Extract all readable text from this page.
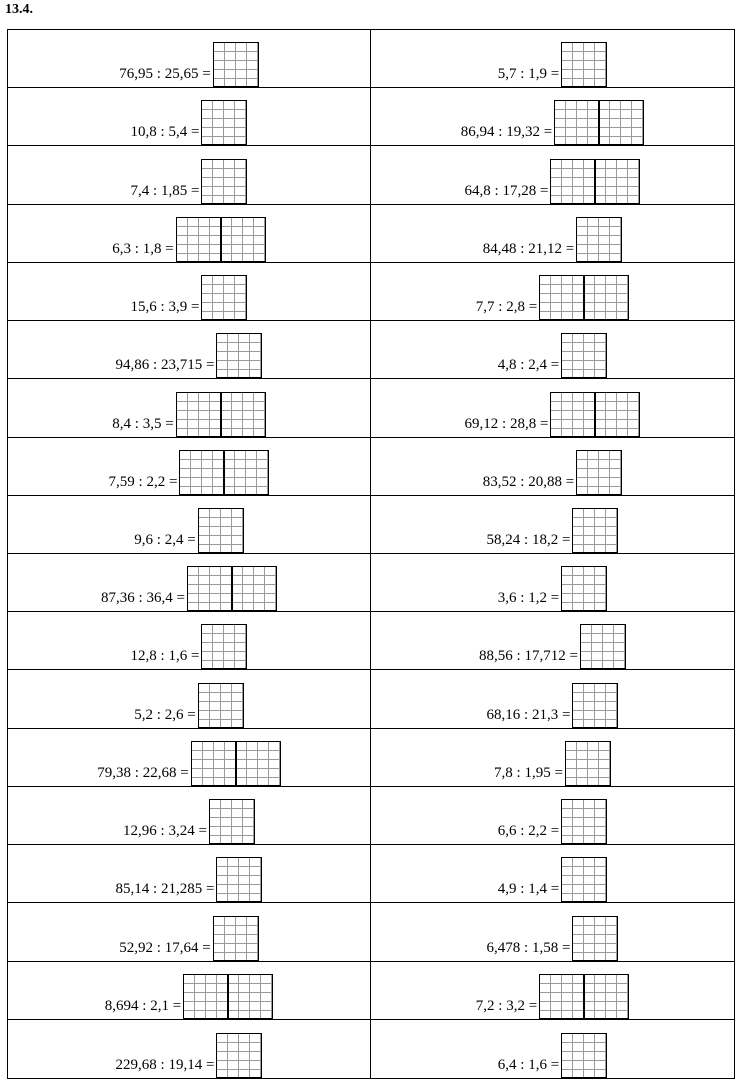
13.4.
76,95 : 25,65 =	5,7 : 1,9 =
10,8 : 5,4 =	86,94 : 19,32 =
7,4 : 1,85 =	64,8 : 17,28 =
6,3 : 1,8 =	84,48 : 21,12 =
15,6 : 3,9 =	7,7 : 2,8 =
94,86 : 23,715 =	4,8 : 2,4 =
8,4 : 3,5 =	69,12 : 28,8 =
7,59 : 2,2 =	83,52 : 20,88 =
9,6 : 2,4 =	58,24 : 18,2 =
87,36 : 36,4 =	3,6 : 1,2 =
12,8 : 1,6 =	88,56 : 17,712 =
5,2 : 2,6 =	68,16 : 21,3 =
79,38 : 22,68 =	7,8 : 1,95 =
12,96 : 3,24 =	6,6 : 2,2 =
85,14 : 21,285 =	4,9 : 1,4 =
52,92 : 17,64 =	6,478 : 1,58 =
8,694 : 2,1 =	7,2 : 3,2 =
229,68 : 19,14 =	6,4 : 1,6 =
